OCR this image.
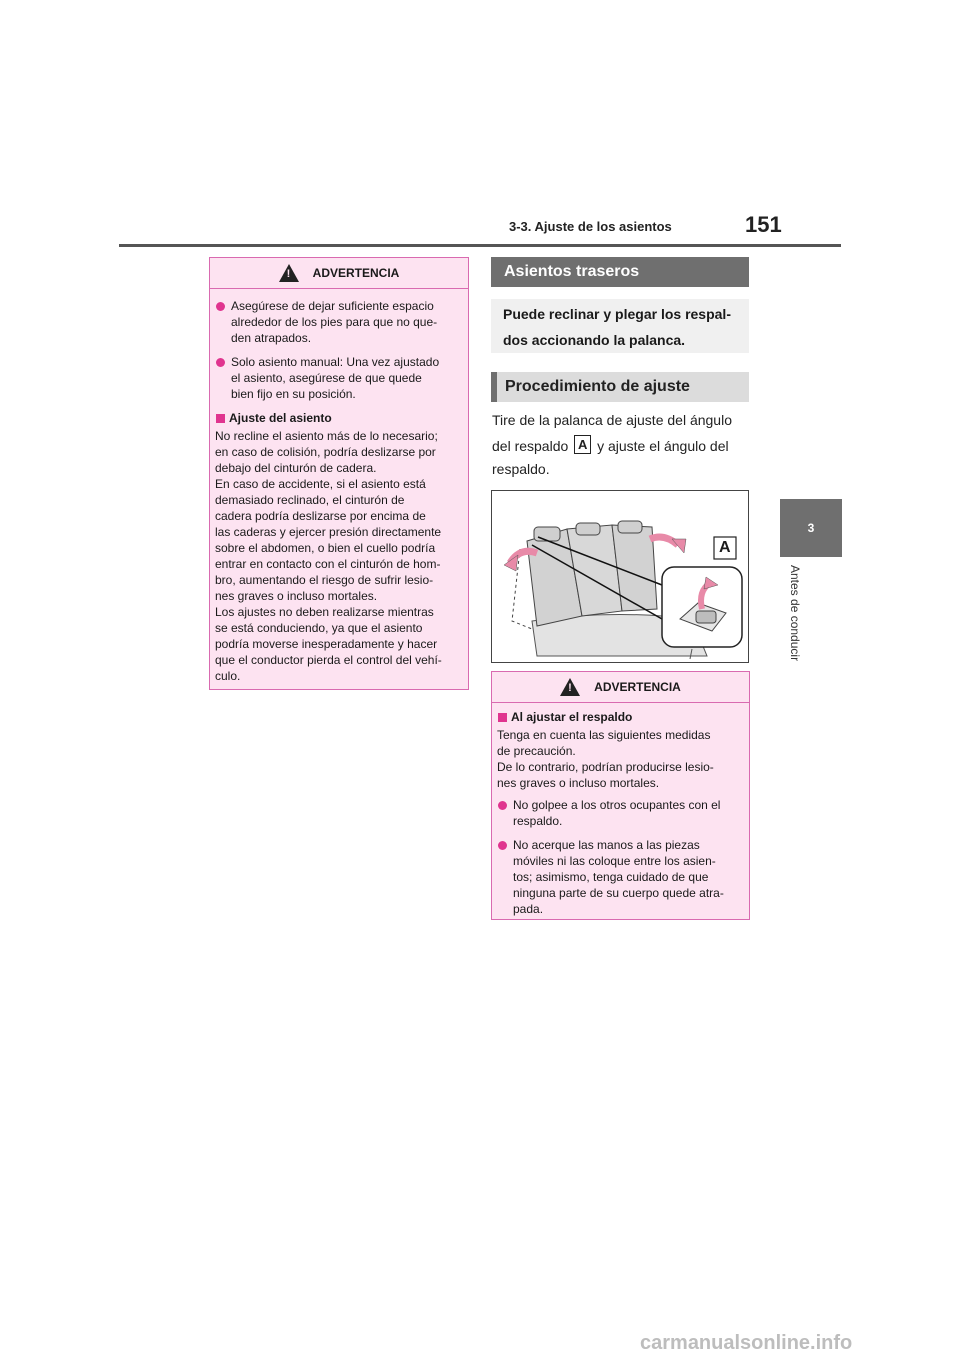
3-3. Ajuste de los asientos	151
3
Antes de conducir
! ADVERTENCIA
Asegúrese de dejar suficiente espacio
alrededor de los pies para que no que-
den atrapados.
Solo asiento manual: Una vez ajustado
el asiento, asegúrese de que quede
bien fijo en su posición.
Ajuste del asiento
No recline el asiento más de lo necesario;
en caso de colisión, podría deslizarse por
debajo del cinturón de cadera.
En caso de accidente, si el asiento está
demasiado reclinado, el cinturón de
cadera podría deslizarse por encima de
las caderas y ejercer presión directamente
sobre el abdomen, o bien el cuello podría
entrar en contacto con el cinturón de hom-
bro, aumentando el riesgo de sufrir lesio-
nes graves o incluso mortales.
Los ajustes no deben realizarse mientras
se está conduciendo, ya que el asiento
podría moverse inesperadamente y hacer
que el conductor pierda el control del vehí-
culo.
Asientos traseros
Puede reclinar y plegar los respal-
dos accionando la palanca.
Procedimiento de ajuste
Tire de la palanca de ajuste del ángulo
del respaldo A y ajuste el ángulo del
respaldo.
A
! ADVERTENCIA
Al ajustar el respaldo
Tenga en cuenta las siguientes medidas
de precaución.
De lo contrario, podrían producirse lesio-
nes graves o incluso mortales.
No golpee a los otros ocupantes con el
respaldo.
No acerque las manos a las piezas
móviles ni las coloque entre los asien-
tos; asimismo, tenga cuidado de que
ninguna parte de su cuerpo quede atra-
pada.
carmanualsonline.info
